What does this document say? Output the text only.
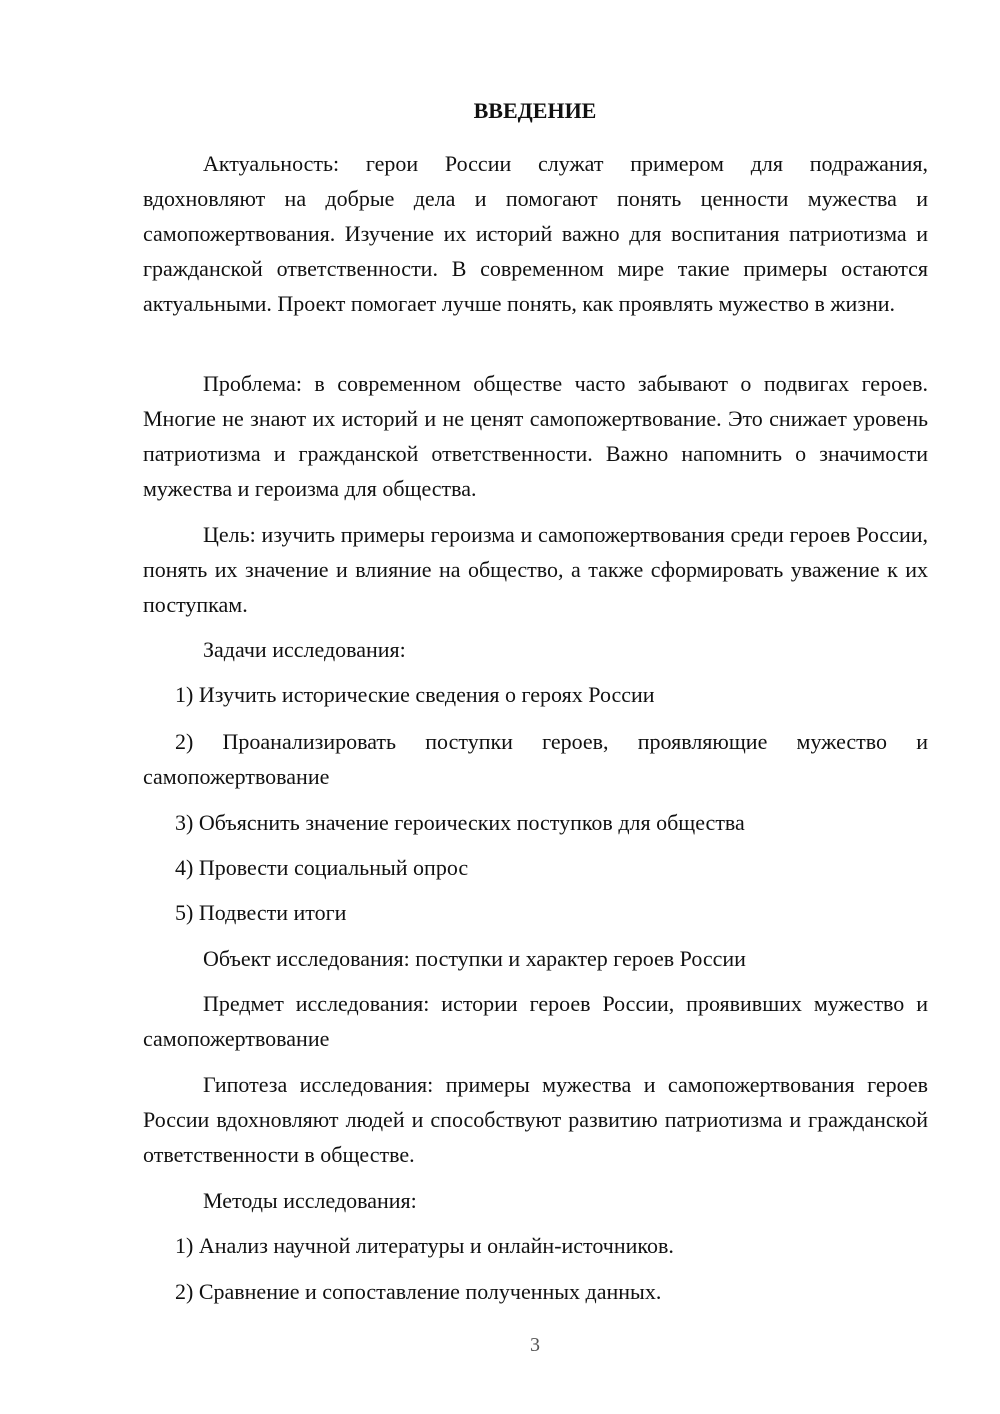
ВВЕДЕНИЕ

Актуальность: герои России служат примером для подражания, вдохновляют на добрые дела и помогают понять ценности мужества и самопожертвования. Изучение их историй важно для воспитания патриотизма и гражданской ответственности. В современном мире такие примеры остаются актуальными. Проект помогает лучше понять, как проявлять мужество в жизни.

Проблема: в современном обществе часто забывают о подвигах героев. Многие не знают их историй и не ценят самопожертвование. Это снижает уровень патриотизма и гражданской ответственности. Важно напомнить о значимости мужества и героизма для общества.

Цель: изучить примеры героизма и самопожертвования среди героев России, понять их значение и влияние на общество, а также сформировать уважение к их поступкам.

Задачи исследования:

1) Изучить исторические сведения о героях России

2) Проанализировать поступки героев, проявляющие мужество и самопожертвование

3) Объяснить значение героических поступков для общества

4) Провести социальный опрос

5) Подвести итоги

Объект исследования: поступки и характер героев России

Предмет исследования: истории героев России, проявивших мужество и самопожертвование

Гипотеза исследования: примеры мужества и самопожертвования героев России вдохновляют людей и способствуют развитию патриотизма и гражданской ответственности в обществе.

Методы исследования:

1) Анализ научной литературы и онлайн-источников.

2) Сравнение и сопоставление полученных данных.

3
